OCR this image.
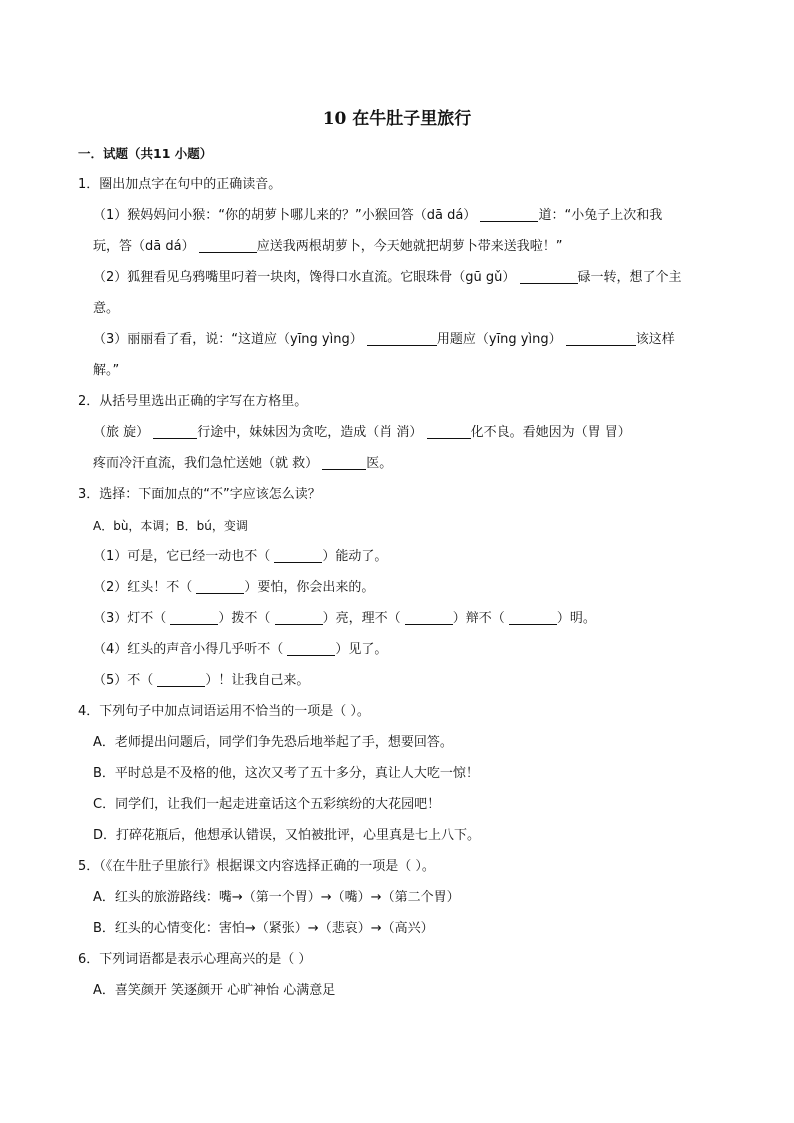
10 在牛肚子里旅行
一．试题（共11 小题）
1．圈出加点字在句中的正确读音。
（1）猴妈妈问小猴：“你的胡萝卜哪儿来的？”小猴回答（dā dá）	道：“小兔子上次和我
玩，答（dā dá）	应送我两根胡萝卜，今天她就把胡萝卜带来送我啦！”
（2）狐狸看见乌鸦嘴里叼着一块肉，馋得口水直流。它眼珠骨（gū gǔ）	碌一转，想了个主
意。
（3）丽丽看了看，说：“这道应（yīng yìng）	用题应（yīng yìng）	该这样
解。”
2．从括号里选出正确的字写在方格里。
（旅 旋）	行途中，妹妹因为贪吃，造成（肖 消）	化不良。看她因为（胃 冒）
疼而冷汗直流，我们急忙送她（就 救）	医。
3．选择：下面加点的“不”字应该怎么读？
A．bù，本调；B．bú，变调
（1）可是，它已经一动也不（	）能动了。
（2）红头！不（	）要怕，你会出来的。
（3）灯不（	）拨不（	）亮，理不（	）辩不（	）明。
（4）红头的声音小得几乎听不（	）见了。
（5）不（	）！让我自己来。
4．下列句子中加点词语运用不恰当的一项是（ ）。
A．老师提出问题后，同学们争先恐后地举起了手，想要回答。
B．平时总是不及格的他，这次又考了五十多分，真让人大吃一惊！
C．同学们，让我们一起走进童话这个五彩缤纷的大花园吧！
D．打碎花瓶后，他想承认错误，又怕被批评，心里真是七上八下。
5．（《在牛肚子里旅行》根据课文内容选择正确的一项是（ ）。
A．红头的旅游路线：嘴→（第一个胃）→（嘴）→（第二个胃）
B．红头的心情变化：害怕→（紧张）→（悲哀）→（高兴）
6．下列词语都是表示心理高兴的是（ ）
A．喜笑颜开 笑逐颜开 心旷神怡 心满意足
